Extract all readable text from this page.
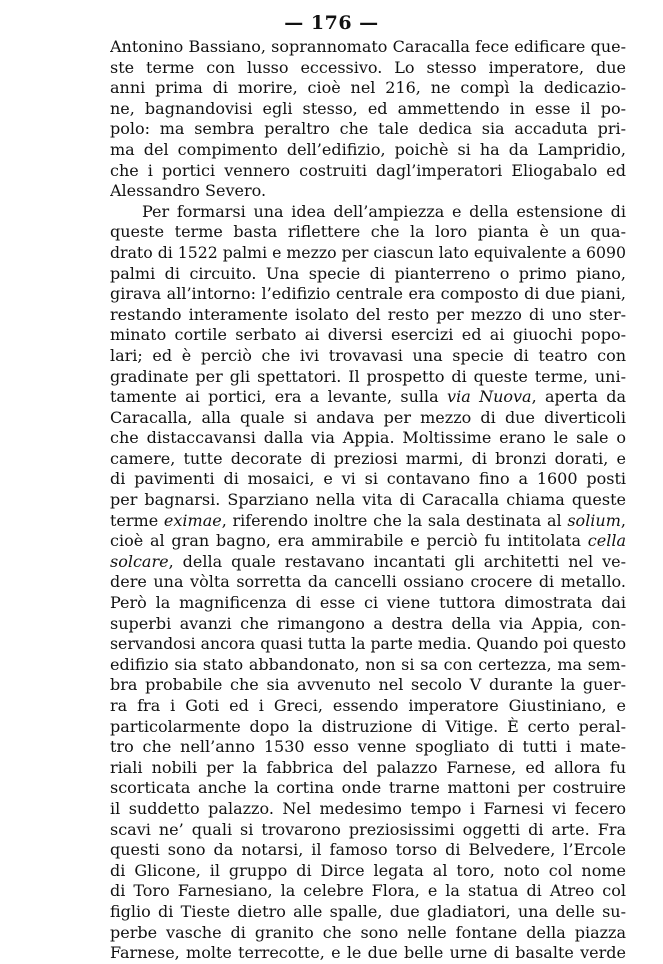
— 176 —
Antonino Bassiano, soprannomato Caracalla fece edificare que-
ste terme con lusso eccessivo. Lo stesso imperatore, due
anni prima di morire, cioè nel 216, ne compì la dedicazio-
ne, bagnandovisi egli stesso, ed ammettendo in esse il po-
polo: ma sembra peraltro che tale dedica sia accaduta pri-
ma del compimento dell’edifizio, poichè si ha da Lampridio,
che i portici vennero costruiti dagl’imperatori Eliogabalo ed
Alessandro Severo.
Per formarsi una idea dell’ampiezza e della estensione di
queste terme basta riflettere che la loro pianta è un qua-
drato di 1522 palmi e mezzo per ciascun lato equivalente a 6090
palmi di circuito. Una specie di pianterreno o primo piano,
girava all’intorno: l’edifizio centrale era composto di due piani,
restando interamente isolato del resto per mezzo di uno ster-
minato cortile serbato ai diversi esercizi ed ai giuochi popo-
lari; ed è perciò che ivi trovavasi una specie di teatro con
gradinate per gli spettatori. Il prospetto di queste terme, uni-
tamente ai portici, era a levante, sulla via Nuova, aperta da
Caracalla, alla quale si andava per mezzo di due diverticoli
che distaccavansi dalla via Appia. Moltissime erano le sale o
camere, tutte decorate di preziosi marmi, di bronzi dorati, e
di pavimenti di mosaici, e vi si contavano fino a 1600 posti
per bagnarsi. Sparziano nella vita di Caracalla chiama queste
terme eximae, riferendo inoltre che la sala destinata al solium,
cioè al gran bagno, era ammirabile e perciò fu intitolata cella
solcare, della quale restavano incantati gli architetti nel ve-
dere una vòlta sorretta da cancelli ossiano crocere di metallo.
Però la magnificenza di esse ci viene tuttora dimostrata dai
superbi avanzi che rimangono a destra della via Appia, con-
servandosi ancora quasi tutta la parte media. Quando poi questo
edifizio sia stato abbandonato, non si sa con certezza, ma sem-
bra probabile che sia avvenuto nel secolo V durante la guer-
ra fra i Goti ed i Greci, essendo imperatore Giustiniano, e
particolarmente dopo la distruzione di Vitige. È certo peral-
tro che nell’anno 1530 esso venne spogliato di tutti i mate-
riali nobili per la fabbrica del palazzo Farnese, ed allora fu
scorticata anche la cortina onde trarne mattoni per costruire
il suddetto palazzo. Nel medesimo tempo i Farnesi vi fecero
scavi ne’ quali si trovarono preziosissimi oggetti di arte. Fra
questi sono da notarsi, il famoso torso di Belvedere, l’Ercole
di Glicone, il gruppo di Dirce legata al toro, noto col nome
di Toro Farnesiano, la celebre Flora, e la statua di Atreo col
figlio di Tieste dietro alle spalle, due gladiatori, una delle su-
perbe vasche di granito che sono nelle fontane della piazza
Farnese, molte terrecotte, e le due belle urne di basalte verde
